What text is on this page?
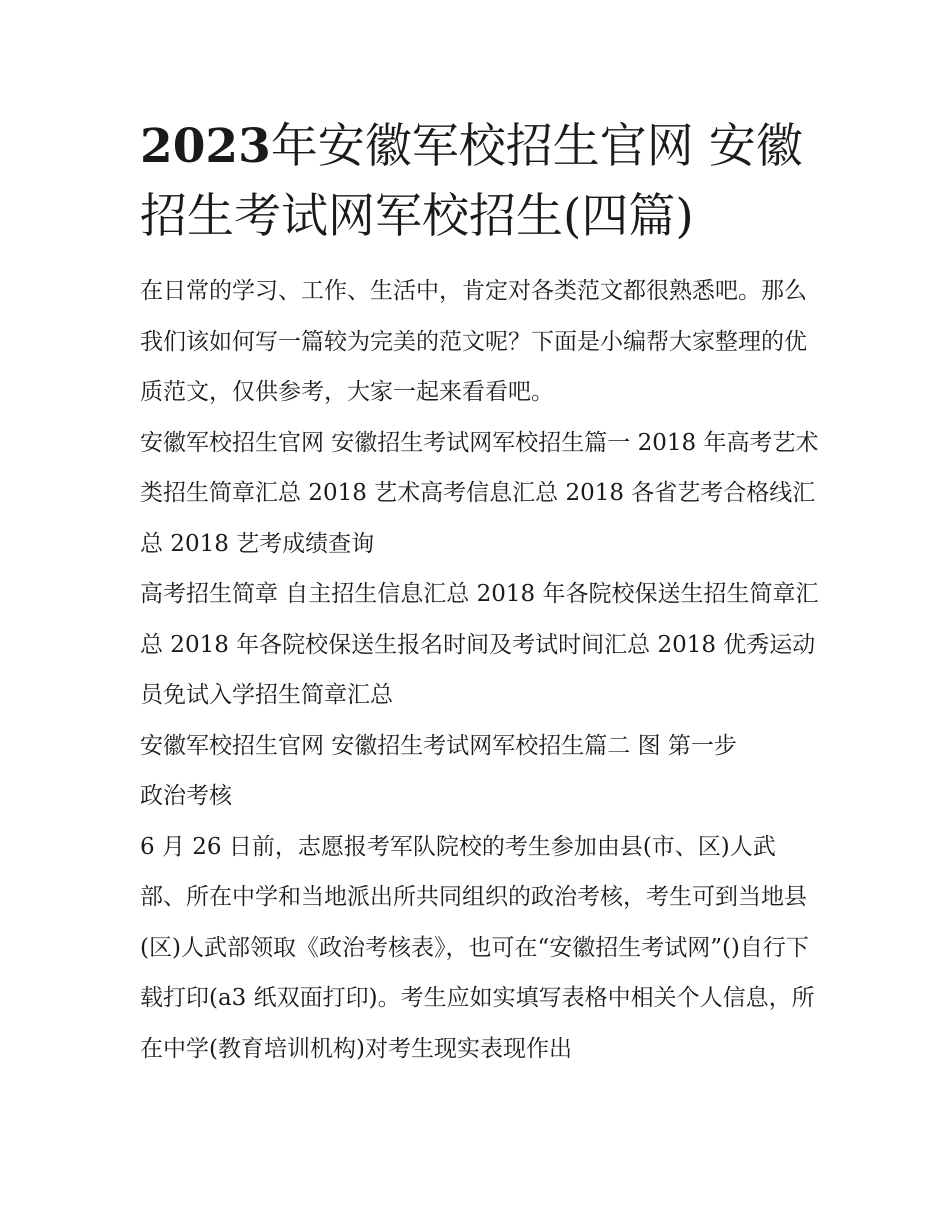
2023年安徽军校招生官网 安徽招生考试网军校招生(四篇)

在日常的学习、工作、生活中，肯定对各类范文都很熟悉吧。那么我们该如何写一篇较为完美的范文呢？下面是小编帮大家整理的优质范文，仅供参考，大家一起来看看吧。

安徽军校招生官网 安徽招生考试网军校招生篇一 2018 年高考艺术类招生简章汇总 2018 艺术高考信息汇总 2018 各省艺考合格线汇总 2018 艺考成绩查询

高考招生简章 自主招生信息汇总 2018 年各院校保送生招生简章汇总 2018 年各院校保送生报名时间及考试时间汇总 2018 优秀运动员免试入学招生简章汇总

安徽军校招生官网 安徽招生考试网军校招生篇二 图 第一步

政治考核

6 月 26 日前，志愿报考军队院校的考生参加由县(市、区)人武部、所在中学和当地派出所共同组织的政治考核，考生可到当地县(区)人武部领取《政治考核表》，也可在“安徽招生考试网”()自行下载打印(a3 纸双面打印)。考生应如实填写表格中相关个人信息，所在中学(教育培训机构)对考生现实表现作出
